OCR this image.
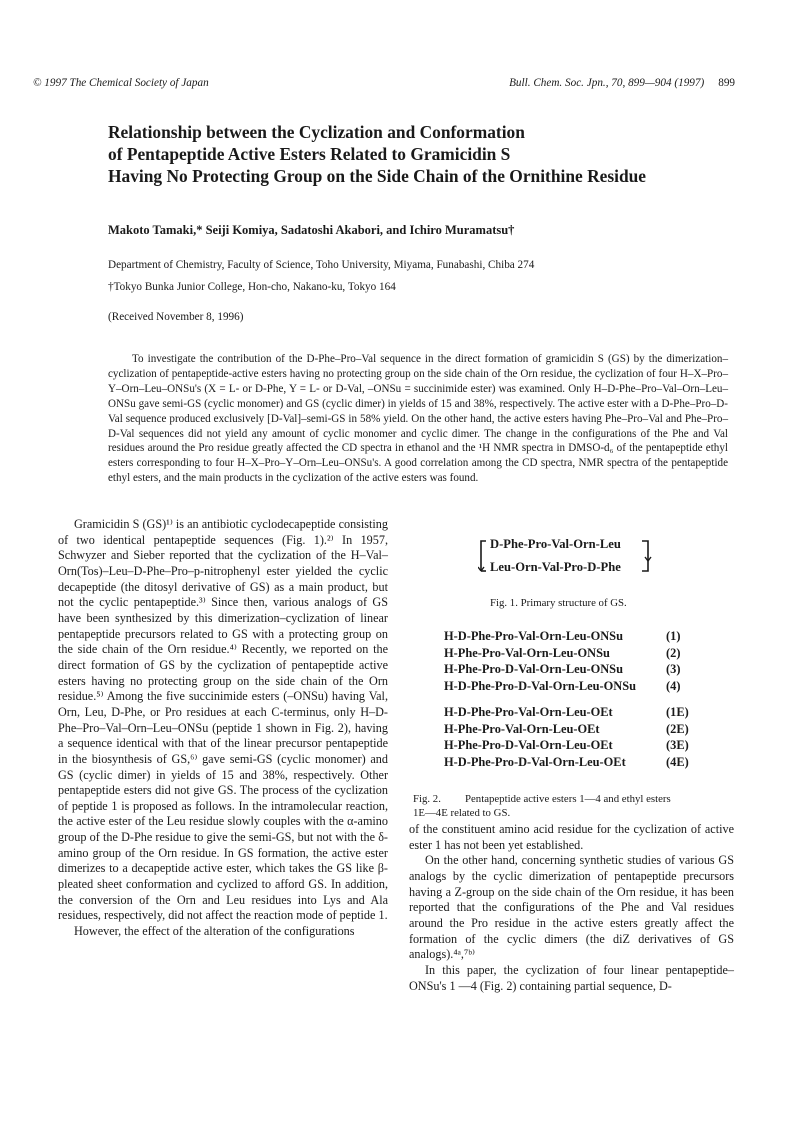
© 1997 The Chemical Society of Japan	Bull. Chem. Soc. Jpn., 70, 899—904 (1997) 899
Relationship between the Cyclization and Conformation
of Pentapeptide Active Esters Related to Gramicidin S
Having No Protecting Group on the Side Chain of the Ornithine Residue
Makoto Tamaki,* Seiji Komiya, Sadatoshi Akabori, and Ichiro Muramatsu†
Department of Chemistry, Faculty of Science, Toho University, Miyama, Funabashi, Chiba 274
†Tokyo Bunka Junior College, Hon-cho, Nakano-ku, Tokyo 164
(Received November 8, 1996)

To investigate the contribution of the D-Phe–Pro–Val sequence in the direct formation of gramicidin S (GS) by the dimerization–cyclization of pentapeptide-active esters having no protecting group on the side chain of the Orn residue, the cyclization of four H–X–Pro–Y–Orn–Leu–ONSu's (X = L- or D-Phe, Y = L- or D-Val, –ONSu = succinimide ester) was examined. Only H–D-Phe–Pro–Val–Orn–Leu–ONSu gave semi-GS (cyclic monomer) and GS (cyclic dimer) in yields of 15 and 38%, respectively. The active ester with a D-Phe–Pro–D-Val sequence produced exclusively [D-Val]–semi-GS in 58% yield. On the other hand, the active esters having Phe–Pro–Val and Phe–Pro–D-Val sequences did not yield any amount of cyclic monomer and cyclic dimer. The change in the configurations of the Phe and Val residues around the Pro residue greatly affected the CD spectra in ethanol and the ¹H NMR spectra in DMSO-d₆ of the pentapeptide ethyl esters corresponding to four H–X–Pro–Y–Orn–Leu–ONSu's. A good correlation among the CD spectra, NMR spectra of the pentapeptide ethyl esters, and the main products in the cyclization of the active esters was found.

Gramicidin S (GS)¹⁾ is an antibiotic cyclodecapeptide consisting of two identical pentapeptide sequences (Fig. 1).²⁾ In 1957, Schwyzer and Sieber reported that the cyclization of the H–Val–Orn(Tos)–Leu–D-Phe–Pro–p-nitrophenyl ester yielded the cyclic decapeptide (the ditosyl derivative of GS) as a main product, but not the cyclic pentapeptide.³⁾ Since then, various analogs of GS have been synthesized by this dimerization–cyclization of linear pentapeptide precursors related to GS with a protecting group on the side chain of the Orn residue.⁴⁾ Recently, we reported on the direct formation of GS by the cyclization of pentapeptide active esters having no protecting group on the side chain of the Orn residue.⁵⁾ Among the five succinimide esters (–ONSu) having Val, Orn, Leu, D-Phe, or Pro residues at each C-terminus, only H–D-Phe–Pro–Val–Orn–Leu–ONSu (peptide 1 shown in Fig. 2), having a sequence identical with that of the linear precursor pentapeptide in the biosynthesis of GS,⁶⁾ gave semi-GS (cyclic monomer) and GS (cyclic dimer) in yields of 15 and 38%, respectively. Other pentapeptide esters did not give GS. The process of the cyclization of peptide 1 is proposed as follows. In the intramolecular reaction, the active ester of the Leu residue slowly couples with the α-amino group of the D-Phe residue to give the semi-GS, but not with the δ-amino group of the Orn residue. In GS formation, the active ester dimerizes to a decapeptide active ester, which takes the GS like β-pleated sheet conformation and cyclized to afford GS. In addition, the conversion of the Orn and Leu residues into Lys and Ala residues, respectively, did not affect the reaction mode of peptide 1.

However, the effect of the alteration of the configurations

D-Phe-Pro-Val-Orn-Leu
Leu-Orn-Val-Pro-D-Phe
Fig. 1. Primary structure of GS.
H-D-Phe-Pro-Val-Orn-Leu-ONSu	(1)
H-Phe-Pro-Val-Orn-Leu-ONSu	(2)
H-Phe-Pro-D-Val-Orn-Leu-ONSu	(3)
H-D-Phe-Pro-D-Val-Orn-Leu-ONSu (4)
H-D-Phe-Pro-Val-Orn-Leu-OEt	(1E)
H-Phe-Pro-Val-Orn-Leu-OEt	(2E)
H-Phe-Pro-D-Val-Orn-Leu-OEt	(3E)
H-D-Phe-Pro-D-Val-Orn-Leu-OEt	(4E)
Fig. 2. Pentapeptide active esters 1—4 and ethyl esters
1E—4E related to GS.

of the constituent amino acid residue for the cyclization of active ester 1 has not been yet established.

On the other hand, concerning synthetic studies of various GS analogs by the cyclic dimerization of pentapeptide precursors having a Z-group on the side chain of the Orn residue, it has been reported that the configurations of the Phe and Val residues around the Pro residue in the active esters greatly affect the formation of the cyclic dimers (the diZ derivatives of GS analogs).⁴ᵃ,⁷ᵇ⁾

In this paper, the cyclization of four linear pentapeptide–ONSu's 1 —4 (Fig. 2) containing partial sequence, D-
